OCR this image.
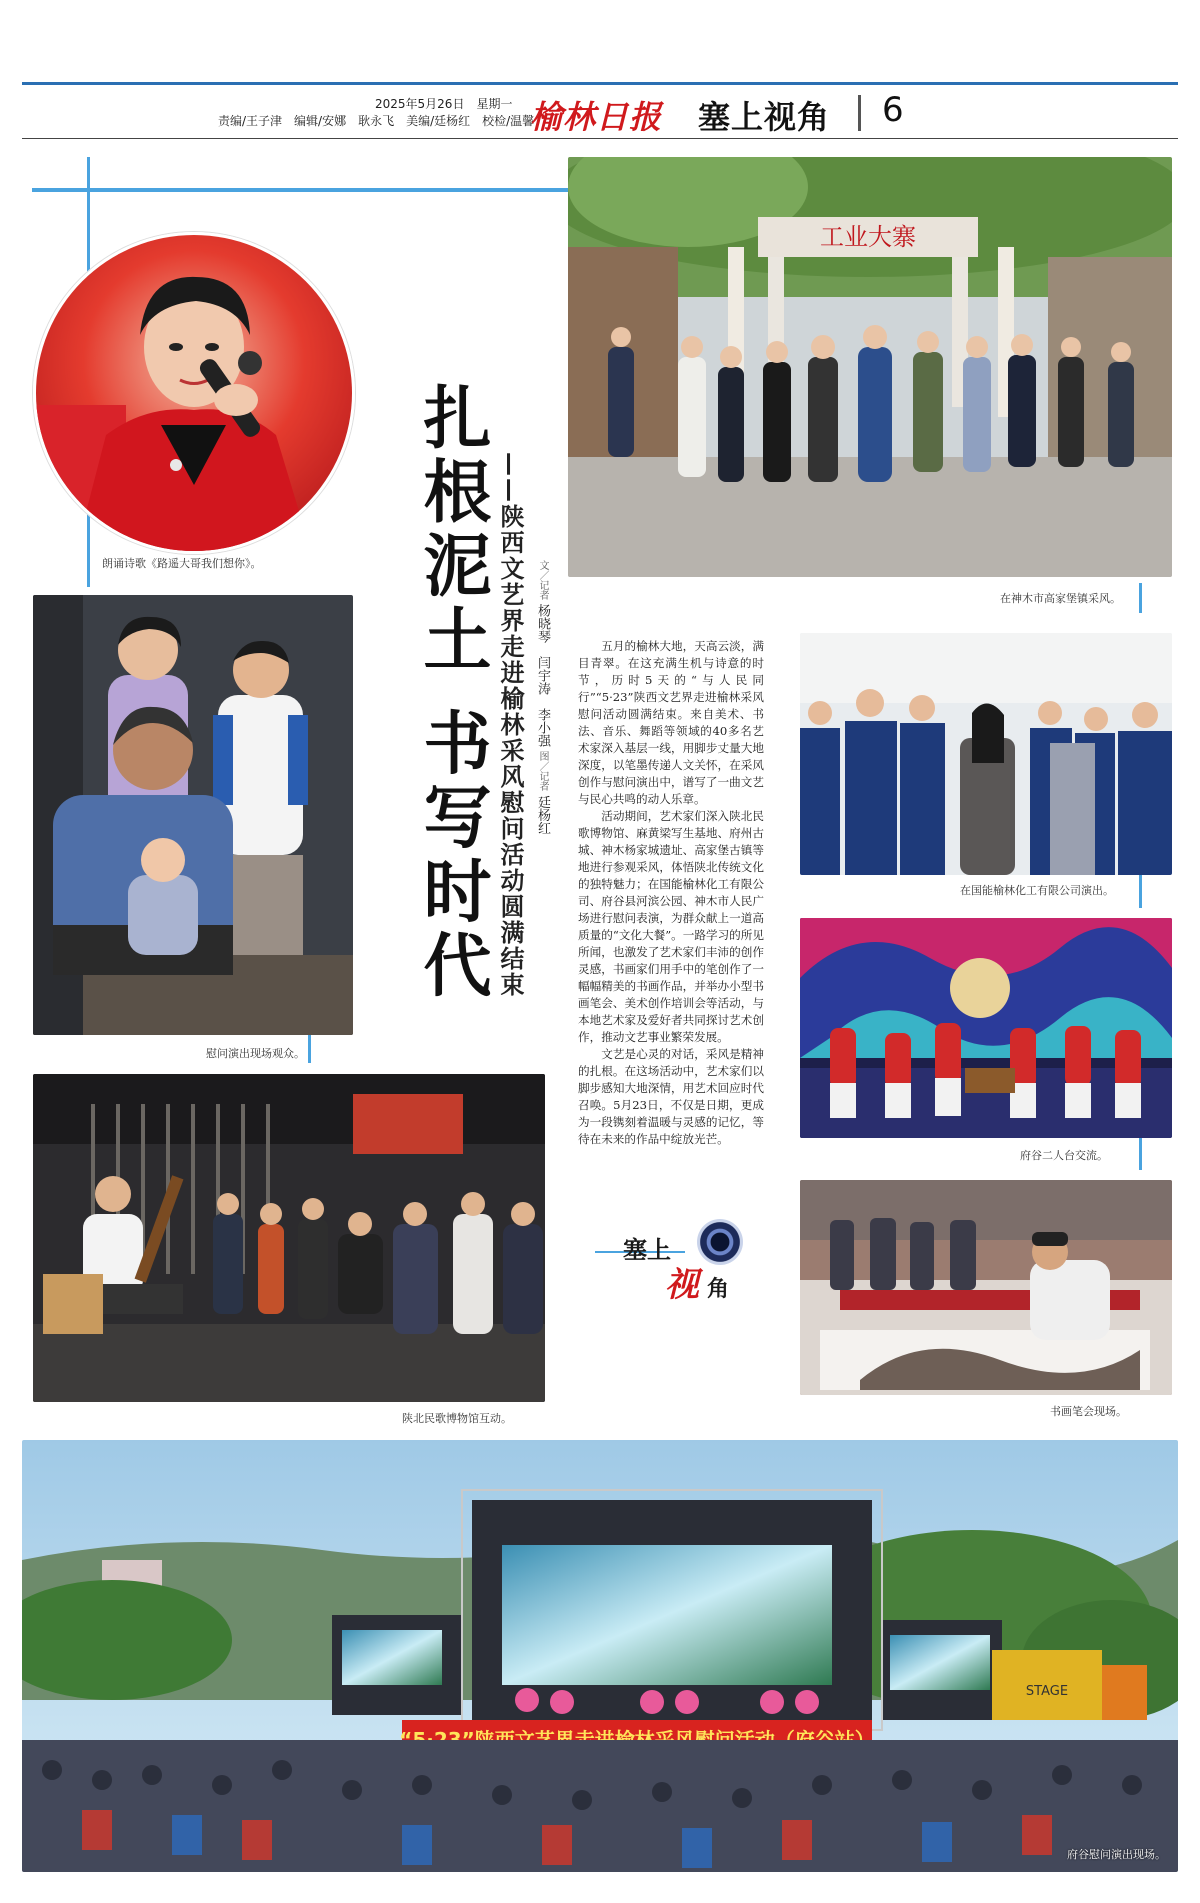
2025年5月26日　星期一
责编/王子津　编辑/安娜　耿永飞　美编/廷杨红　校检/温馨
榆林日报 塞上视角 6
朗诵诗歌《路遥大哥我们想你》。
工业大寨
在神木市高家堡镇采风。
扎根泥土 书写时代 ——陕西文艺界走进榆林采风慰问活动圆满结束	文／记者 杨晓琴　闫宇涛　李小强 图／记者 廷杨红
慰问演出现场观众。

五月的榆林大地，天高云淡，满目青翠。在这充满生机与诗意的时节，历时5天的“与人民同行”“5·23”陕西文艺界走进榆林采风慰问活动圆满结束。来自美术、书法、音乐、舞蹈等领域的40多名艺术家深入基层一线，用脚步丈量大地深度，以笔墨传递人文关怀，在采风创作与慰问演出中，谱写了一曲文艺与民心共鸣的动人乐章。

活动期间，艺术家们深入陕北民歌博物馆、麻黄梁写生基地、府州古城、神木杨家城遗址、高家堡古镇等地进行参观采风，体悟陕北传统文化的独特魅力；在国能榆林化工有限公司、府谷县河滨公园、神木市人民广场进行慰问表演，为群众献上一道高质量的“文化大餐”。一路学习的所见所闻，也激发了艺术家们丰沛的创作灵感，书画家们用手中的笔创作了一幅幅精美的书画作品，并举办小型书画笔会、美术创作培训会等活动，与本地艺术家及爱好者共同探讨艺术创作，推动文艺事业繁荣发展。

文艺是心灵的对话，采风是精神的扎根。在这场活动中，艺术家们以脚步感知大地深情，用艺术回应时代召唤。5月23日，不仅是日期，更成为一段镌刻着温暖与灵感的记忆，等待在未来的作品中绽放光芒。

在国能榆林化工有限公司演出。
府谷二人台交流。
陕北民歌博物馆互动。
塞上
视 角
书画笔会现场。
STAGE
府谷慰问演出现场。
